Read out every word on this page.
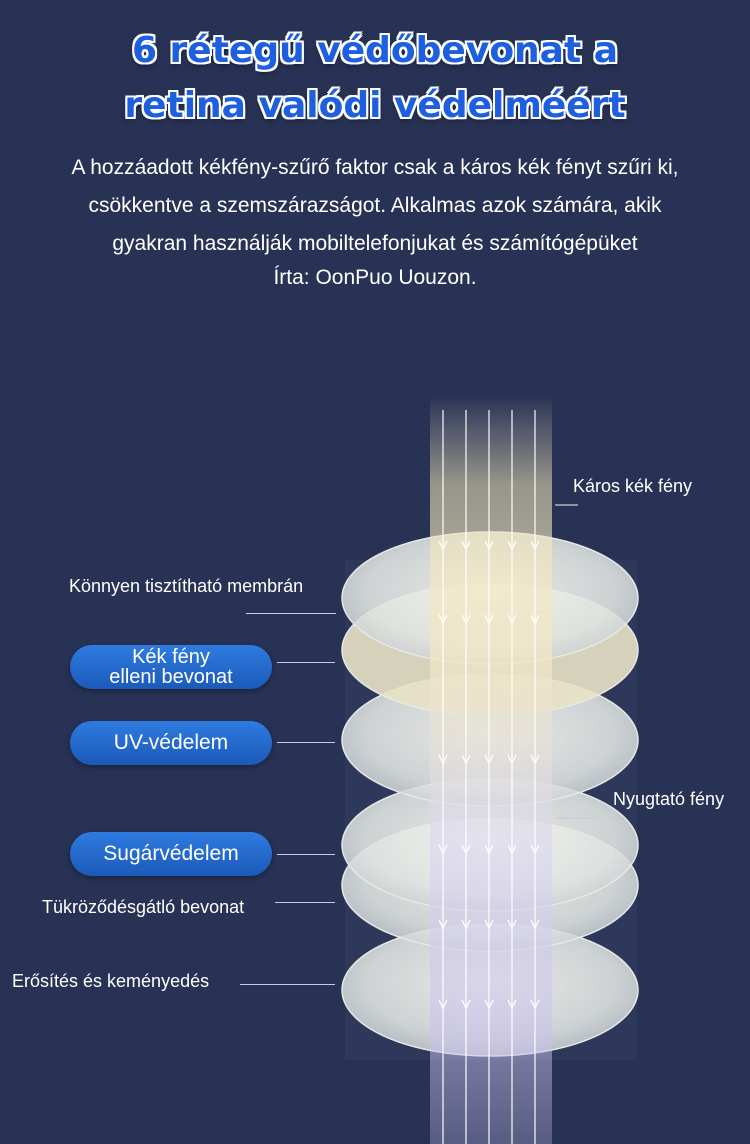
6 rétegű védőbevonat a
retina valódi védelméért
A hozzáadott kékfény-szűrő faktor csak a káros kék fényt szűri ki,
csökkentve a szemszárazságot. Alkalmas azok számára, akik
gyakran használják mobiltelefonjukat és számítógépüket
Írta: OonPuo Uouzon.
Káros kék fény
Nyugtató fény
Könnyen tisztítható membrán
Kék fény
elleni bevonat
UV-védelem
Sugárvédelem
Tükröződésgátló bevonat
Erősítés és keményedés
